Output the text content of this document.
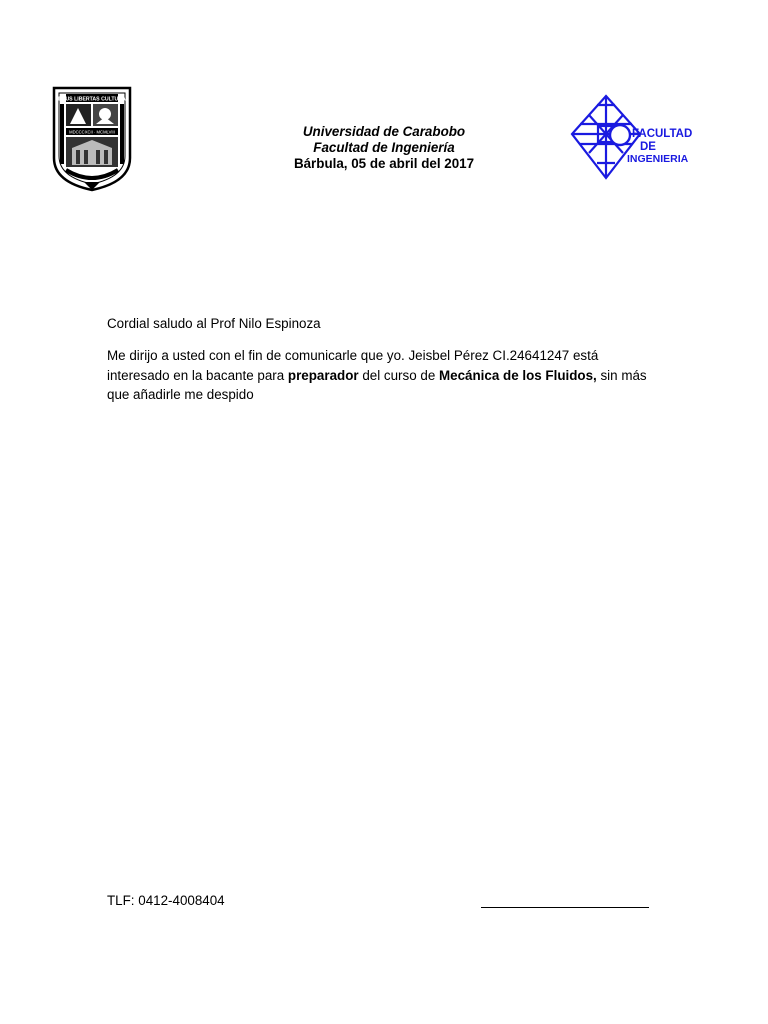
DEUS LIBERTAS CULTURA
MDCCCXCII · MCMLVIII	Universidad de Carabobo
Facultad de Ingeniería
Bárbula, 05 de abril del 2017
FACULTAD
DE
INGENIERIA
Cordial saludo al Prof Nilo Espinoza
Me dirijo a usted con el fin de comunicarle que yo. Jeisbel Pérez CI.24641247 está interesado en la bacante para preparador del curso de Mecánica de los Fluidos, sin más que añadirle me despido
TLF: 0412-4008404
